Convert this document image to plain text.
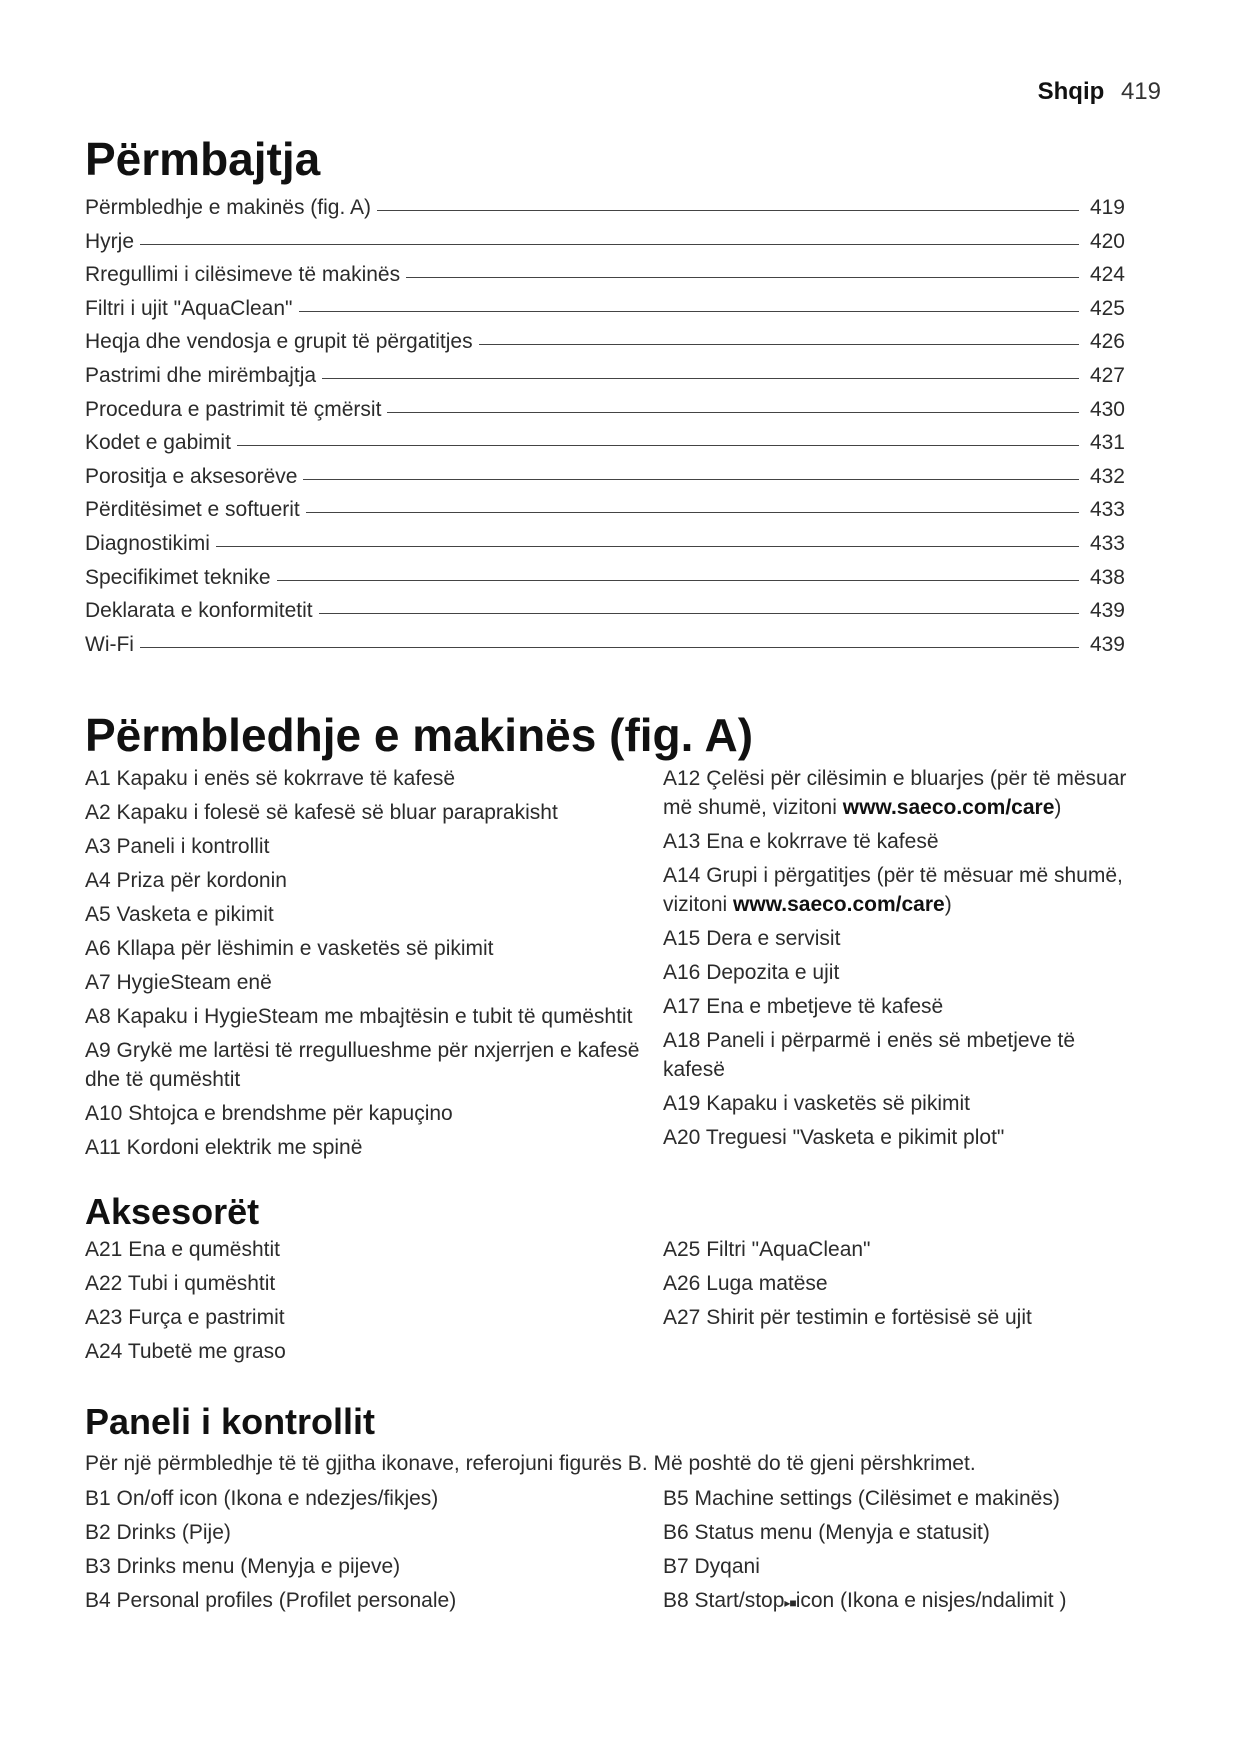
Shqip 419
Përmbajtja
Përmbledhje e makinës (fig. A)	419
Hyrje	420
Rregullimi i cilësimeve të makinës	424
Filtri i ujit "AquaClean"	425
Heqja dhe vendosja e grupit të përgatitjes	426
Pastrimi dhe mirëmbajtja	427
Procedura e pastrimit të çmërsit	430
Kodet e gabimit	431
Porositja e aksesorëve	432
Përditësimet e softuerit	433
Diagnostikimi	433
Specifikimet teknike	438
Deklarata e konformitetit	439
Wi-Fi	439
Përmbledhje e makinës (fig. A)
A1 Kapaku i enës së kokrrave të kafesë
A2 Kapaku i folesë së kafesë së bluar paraprakisht
A3 Paneli i kontrollit
A4 Priza për kordonin
A5 Vasketa e pikimit
A6 Kllapa për lëshimin e vasketës së pikimit
A7 HygieSteam enë
A8 Kapaku i HygieSteam me mbajtësin e tubit të qumështit
A9 Grykë me lartësi të rregullueshme për nxjerrjen e kafesë dhe të qumështit
A10 Shtojca e brendshme për kapuçino
A11 Kordoni elektrik me spinë
A12 Çelësi për cilësimin e bluarjes (për të mësuar më shumë, vizitoni www.saeco.com/care)
A13 Ena e kokrrave të kafesë
A14 Grupi i përgatitjes (për të mësuar më shumë, vizitoni www.saeco.com/care)
A15 Dera e servisit
A16 Depozita e ujit
A17 Ena e mbetjeve të kafesë
A18 Paneli i përparmë i enës së mbetjeve të kafesë
A19 Kapaku i vasketës së pikimit
A20 Treguesi "Vasketa e pikimit plot"
Aksesorët
A21 Ena e qumështit
A22 Tubi i qumështit
A23 Furça e pastrimit
A24 Tubetë me graso
A25 Filtri "AquaClean"
A26 Luga matëse
A27 Shirit për testimin e fortësisë së ujit
Paneli i kontrollit

Për një përmbledhje të të gjitha ikonave, referojuni figurës B. Më poshtë do të gjeni përshkrimet.

B1 On/off icon (Ikona e ndezjes/fikjes)
B2 Drinks (Pije)
B3 Drinks menu (Menyja e pijeve)
B4 Personal profiles (Profilet personale)
B5 Machine settings (Cilësimet e makinës)
B6 Status menu (Menyja e statusit)
B7 Dyqani
B8 Start/stop▸■icon (Ikona e nisjes/ndalimit )
